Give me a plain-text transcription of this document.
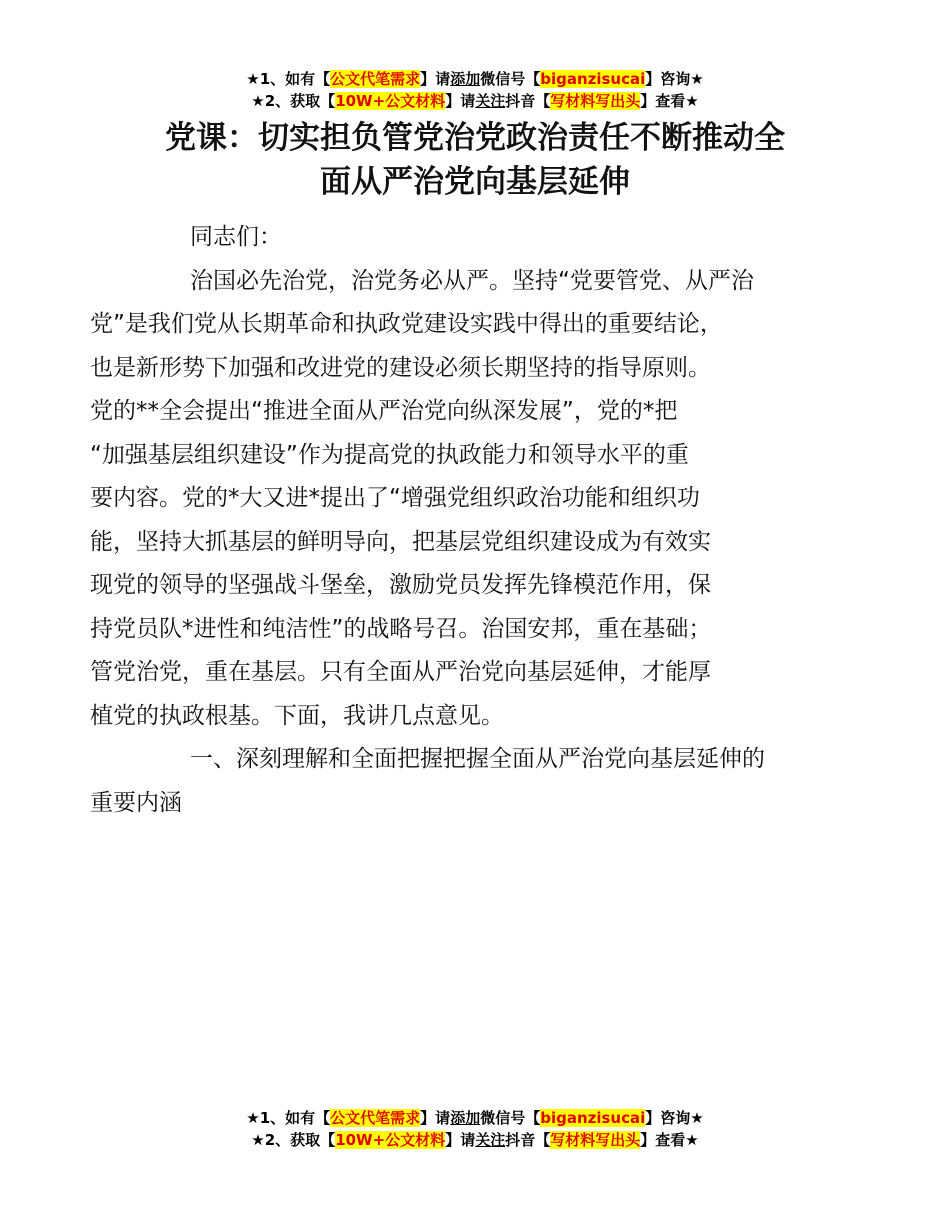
★1、如有【公文代笔需求】请添加微信号【biganzisucai】咨询★
★2、获取【10W+公文材料】请关注抖音【写材料写出头】查看★
党课：切实担负管党治党政治责任不断推动全
面从严治党向基层延伸

同志们：

治国必先治党，治党务必从严。坚持“党要管党、从严治
党”是我们党从长期革命和执政党建设实践中得出的重要结论，
也是新形势下加强和改进党的建设必须长期坚持的指导原则。
党的**全会提出“推进全面从严治党向纵深发展”，党的*把
“加强基层组织建设”作为提高党的执政能力和领导水平的重
要内容。党的*大又进*提出了“增强党组织政治功能和组织功
能，坚持大抓基层的鲜明导向，把基层党组织建设成为有效实
现党的领导的坚强战斗堡垒，激励党员发挥先锋模范作用，保
持党员队*进性和纯洁性”的战略号召。治国安邦，重在基础；
管党治党，重在基层。只有全面从严治党向基层延伸，才能厚
植党的执政根基。下面，我讲几点意见。

一、深刻理解和全面把握把握全面从严治党向基层延伸的
重要内涵

★1、如有【公文代笔需求】请添加微信号【biganzisucai】咨询★
★2、获取【10W+公文材料】请关注抖音【写材料写出头】查看★
